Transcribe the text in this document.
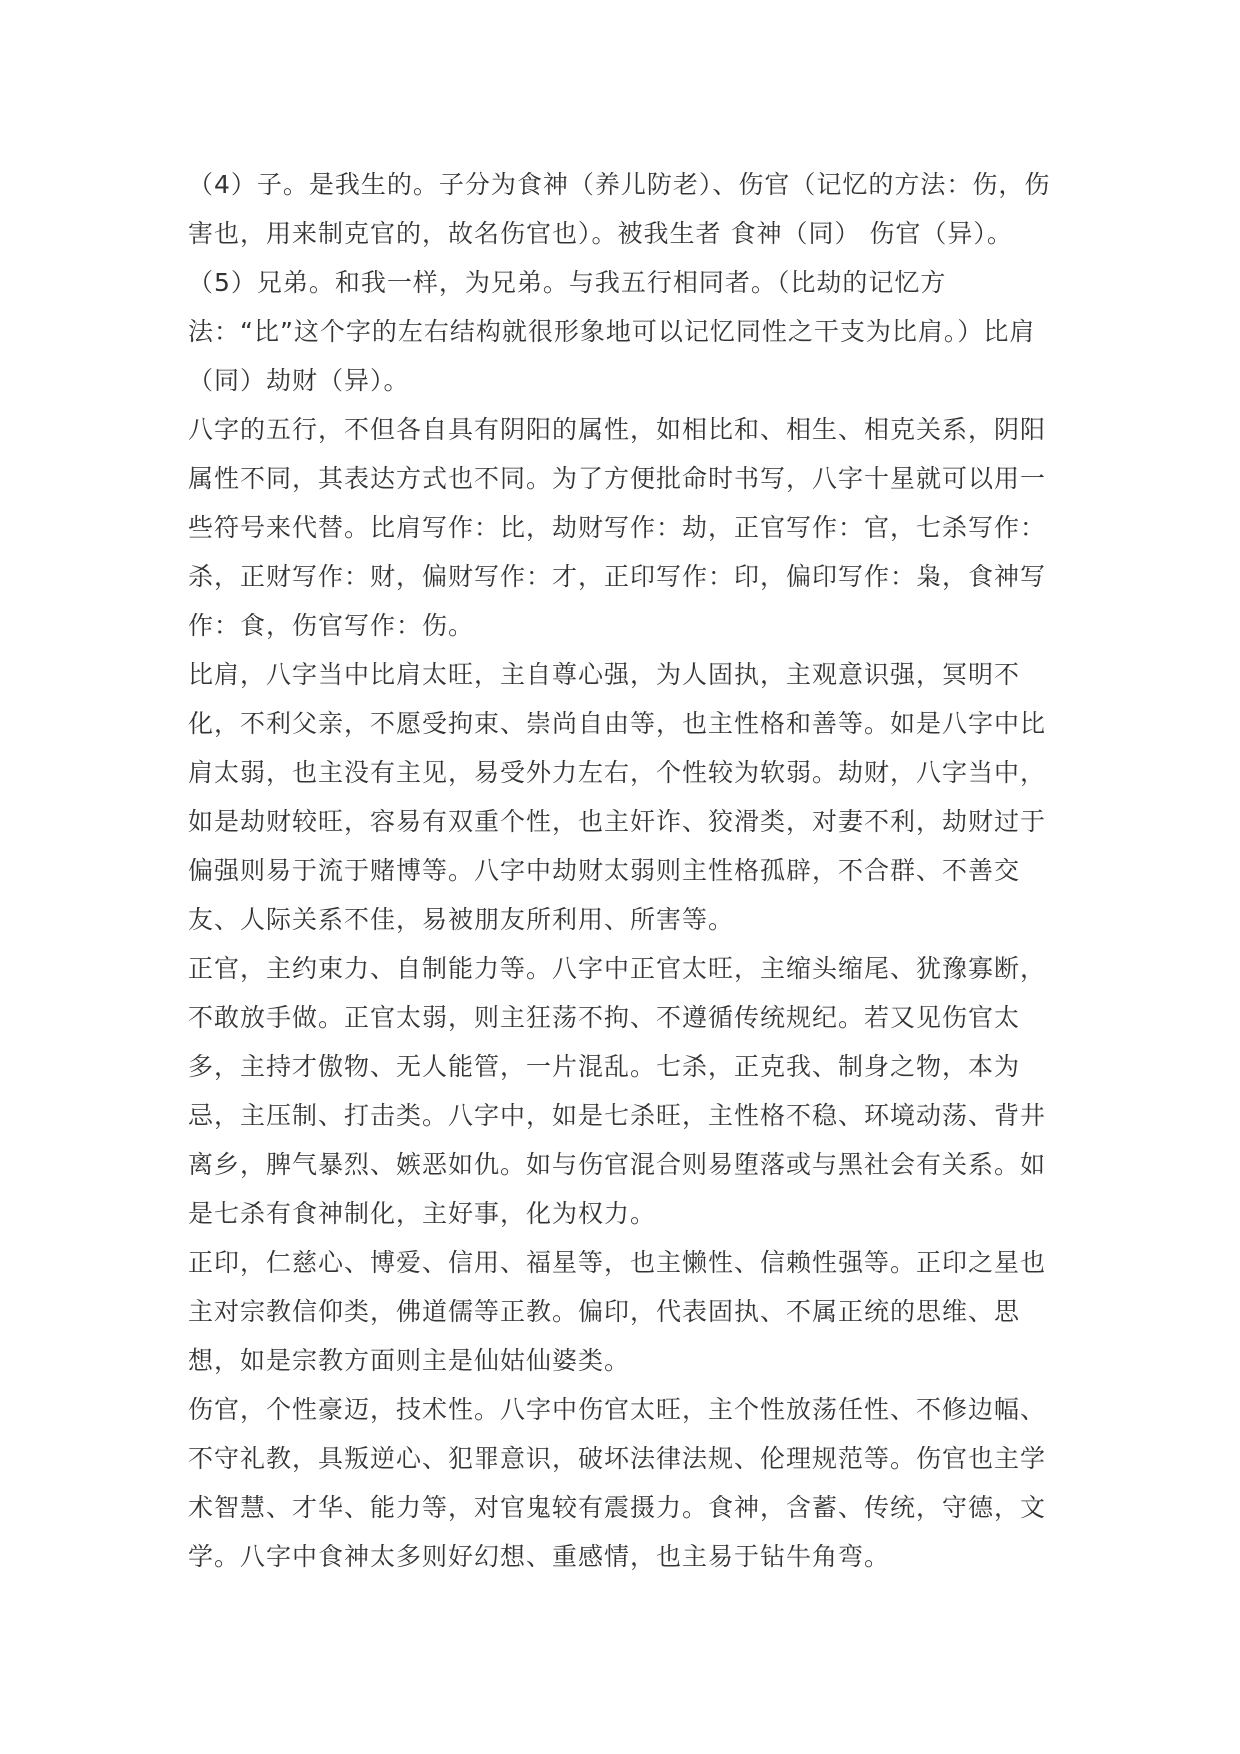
（4）子。是我生的。子分为食神（养儿防老）、伤官（记忆的方法：伤，伤害也，用来制克官的，故名伤官也）。被我生者 食神（同） 伤官（异）。

（5）兄弟。和我一样，为兄弟。与我五行相同者。（比劫的记忆方法：“比”这个字的左右结构就很形象地可以记忆同性之干支为比肩。）比肩（同）劫财（异）。

八字的五行，不但各自具有阴阳的属性，如相比和、相生、相克关系，阴阳属性不同，其表达方式也不同。为了方便批命时书写，八字十星就可以用一些符号来代替。比肩写作：比，劫财写作：劫，正官写作：官，七杀写作：杀，正财写作：财，偏财写作：才，正印写作：印，偏印写作：枭，食神写作：食，伤官写作：伤。

比肩，八字当中比肩太旺，主自尊心强，为人固执，主观意识强，冥明不化，不利父亲，不愿受拘束、崇尚自由等，也主性格和善等。如是八字中比肩太弱，也主没有主见，易受外力左右，个性较为软弱。劫财，八字当中，如是劫财较旺，容易有双重个性，也主奸诈、狡滑类，对妻不利，劫财过于偏强则易于流于赌博等。八字中劫财太弱则主性格孤辟，不合群、不善交友、人际关系不佳，易被朋友所利用、所害等。

正官，主约束力、自制能力等。八字中正官太旺，主缩头缩尾、犹豫寡断，不敢放手做。正官太弱，则主狂荡不拘、不遵循传统规纪。若又见伤官太多，主持才傲物、无人能管，一片混乱。七杀，正克我、制身之物，本为忌，主压制、打击类。八字中，如是七杀旺，主性格不稳、环境动荡、背井离乡，脾气暴烈、嫉恶如仇。如与伤官混合则易堕落或与黑社会有关系。如是七杀有食神制化，主好事，化为权力。

正印，仁慈心、博爱、信用、福星等，也主懒性、信赖性强等。正印之星也主对宗教信仰类，佛道儒等正教。偏印，代表固执、不属正统的思维、思想，如是宗教方面则主是仙姑仙婆类。

伤官，个性豪迈，技术性。八字中伤官太旺，主个性放荡任性、不修边幅、不守礼教，具叛逆心、犯罪意识，破坏法律法规、伦理规范等。伤官也主学术智慧、才华、能力等，对官鬼较有震摄力。食神，含蓄、传统，守德，文学。八字中食神太多则好幻想、重感情，也主易于钻牛角弯。
